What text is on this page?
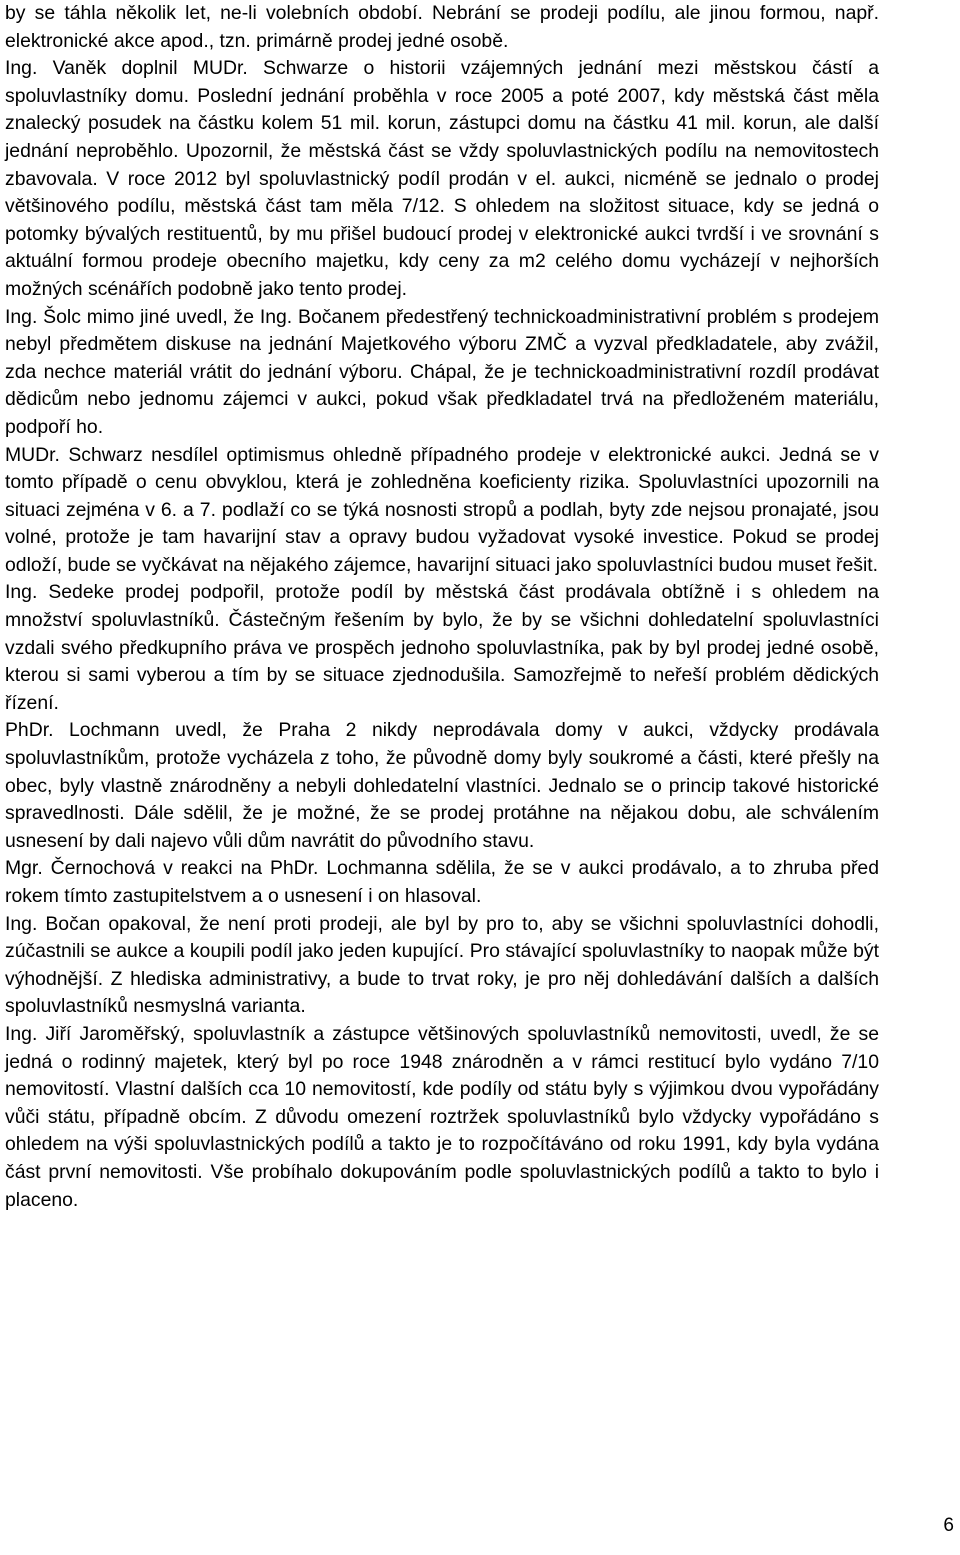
by se táhla několik let, ne-li volebních období. Nebrání se prodeji podílu, ale jinou formou, např. elektronické akce apod., tzn. primárně prodej jedné osobě.

Ing. Vaněk doplnil MUDr. Schwarze o historii vzájemných jednání mezi městskou částí a spoluvlastníky domu. Poslední jednání proběhla v roce 2005 a poté 2007, kdy městská část měla znalecký posudek na částku kolem 51 mil. korun, zástupci domu na částku 41 mil. korun, ale další jednání neproběhlo. Upozornil, že městská část se vždy spoluvlastnických podílu na nemovitostech zbavovala. V roce 2012 byl spoluvlastnický podíl prodán v el. aukci, nicméně se jednalo o prodej většinového podílu, městská část tam měla 7/12. S ohledem na složitost situace, kdy se jedná o potomky bývalých restituentů, by mu přišel budoucí prodej v elektronické aukci tvrdší i ve srovnání s aktuální formou prodeje obecního majetku, kdy ceny za m2 celého domu vycházejí v nejhorších možných scénářích podobně jako tento prodej.

Ing. Šolc mimo jiné uvedl, že Ing. Bočanem předestřený technickoadministrativní problém s prodejem nebyl předmětem diskuse na jednání Majetkového výboru ZMČ a vyzval předkladatele, aby zvážil, zda nechce materiál vrátit do jednání výboru. Chápal, že je technickoadministrativní rozdíl prodávat dědicům nebo jednomu zájemci v aukci, pokud však předkladatel trvá na předloženém materiálu, podpoří ho.

MUDr. Schwarz nesdílel optimismus ohledně případného prodeje v elektronické aukci. Jedná se v tomto případě o cenu obvyklou, která je zohledněna koeficienty rizika. Spoluvlastníci upozornili na situaci zejména v 6. a 7. podlaží co se týká nosnosti stropů a podlah, byty zde nejsou pronajaté, jsou volné, protože je tam havarijní stav a opravy budou vyžadovat vysoké investice. Pokud se prodej odloží, bude se vyčkávat na nějakého zájemce, havarijní situaci jako spoluvlastníci budou muset řešit.

Ing. Sedeke prodej podpořil, protože podíl by městská část prodávala obtížně i s ohledem na množství spoluvlastníků. Částečným řešením by bylo, že by se všichni dohledatelní spoluvlastníci vzdali svého předkupního práva ve prospěch jednoho spoluvlastníka, pak by byl prodej jedné osobě, kterou si sami vyberou a tím by se situace zjednodušila. Samozřejmě to neřeší problém dědických řízení.

PhDr. Lochmann uvedl, že Praha 2 nikdy neprodávala domy v aukci, vždycky prodávala spoluvlastníkům, protože vycházela z toho, že původně domy byly soukromé a části, které přešly na obec, byly vlastně znárodněny a nebyli dohledatelní vlastníci. Jednalo se o princip takové historické spravedlnosti. Dále sdělil, že je možné, že se prodej protáhne na nějakou dobu, ale schválením usnesení by dali najevo vůli dům navrátit do původního stavu.

Mgr. Černochová v reakci na PhDr. Lochmanna sdělila, že se v aukci prodávalo, a to zhruba před rokem tímto zastupitelstvem a o usnesení i on hlasoval.

Ing. Bočan opakoval, že není proti prodeji, ale byl by pro to, aby se všichni spoluvlastníci dohodli, zúčastnili se aukce a koupili podíl jako jeden kupující. Pro stávající spoluvlastníky to naopak může být výhodnější. Z hlediska administrativy, a bude to trvat roky, je pro něj dohledávání dalších a dalších spoluvlastníků nesmyslná varianta.

Ing. Jiří Jaroměřský, spoluvlastník a zástupce většinových spoluvlastníků nemovitosti, uvedl, že se jedná o rodinný majetek, který byl po roce 1948 znárodněn a v rámci restitucí bylo vydáno 7/10 nemovitostí. Vlastní dalších cca 10 nemovitostí, kde podíly od státu byly s výjimkou dvou vypořádány vůči státu, případně obcím. Z důvodu omezení roztržek spoluvlastníků bylo vždycky vypořádáno s ohledem na výši spoluvlastnických podílů a takto je to rozpočítáváno od roku 1991, kdy byla vydána část první nemovitosti. Vše probíhalo dokupováním podle spoluvlastnických podílů a takto to bylo i placeno.

6
